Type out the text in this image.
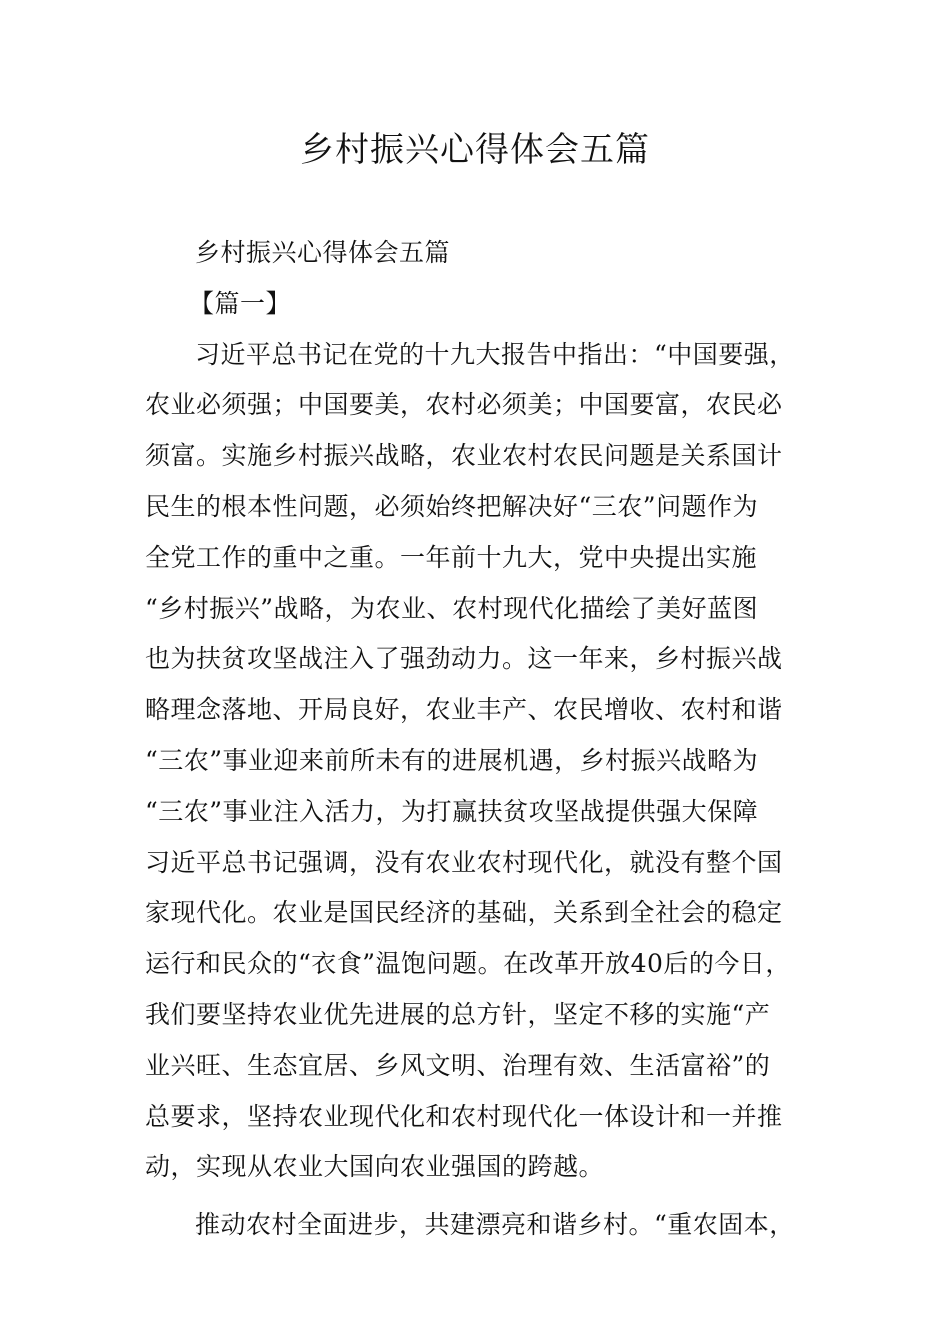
乡村振兴心得体会五篇
乡村振兴心得体会五篇
【篇一】
习近平总书记在党的十九大报告中指出：“中国要强，
农业必须强；中国要美，农村必须美；中国要富，农民必
须富。实施乡村振兴战略，农业农村农民问题是关系国计
民生的根本性问题，必须始终把解决好“三农”问题作为
全党工作的重中之重。一年前十九大，党中央提出实施
“乡村振兴”战略，为农业、农村现代化描绘了美好蓝图
也为扶贫攻坚战注入了强劲动力。这一年来，乡村振兴战
略理念落地、开局良好，农业丰产、农民增收、农村和谐
“三农”事业迎来前所未有的进展机遇，乡村振兴战略为
“三农”事业注入活力，为打赢扶贫攻坚战提供强大保障
习近平总书记强调，没有农业农村现代化，就没有整个国
家现代化。农业是国民经济的基础，关系到全社会的稳定
运行和民众的“衣食”温饱问题。在改革开放40后的今日，
我们要坚持农业优先进展的总方针，坚定不移的实施“产
业兴旺、生态宜居、乡风文明、治理有效、生活富裕”的
总要求，坚持农业现代化和农村现代化一体设计和一并推
动，实现从农业大国向农业强国的跨越。
推动农村全面进步，共建漂亮和谐乡村。“重农固本，
